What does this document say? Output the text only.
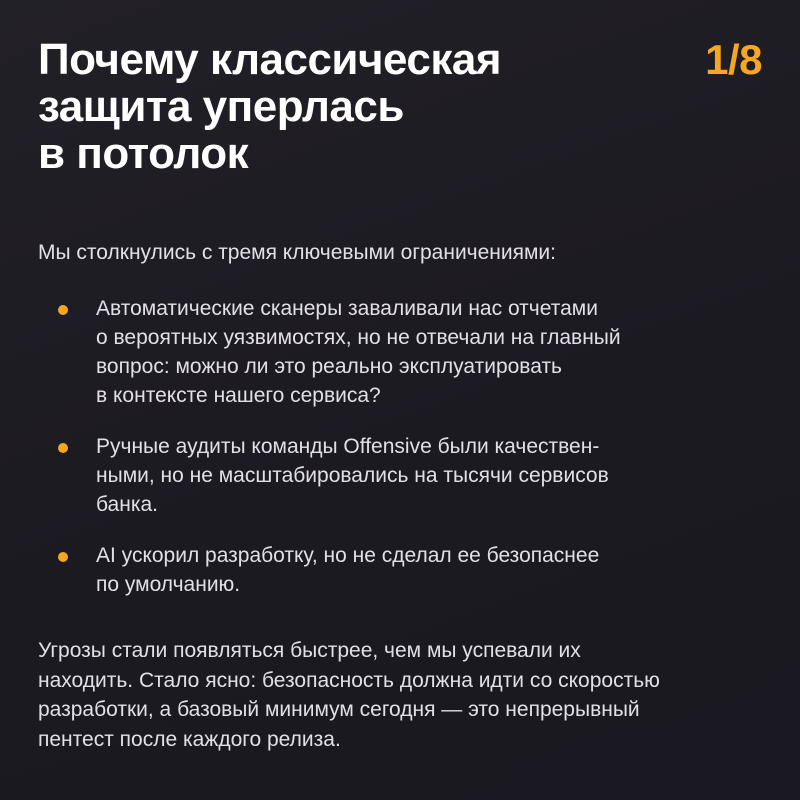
Почему классическая
защита уперлась
в потолок
1/8

Мы столкнулись с тремя ключевыми ограничениями:

Автоматические сканеры заваливали нас отчетами
о вероятных уязвимостях, но не отвечали на главный
вопрос: можно ли это реально эксплуатировать
в контексте нашего сервиса?
Ручные аудиты команды Offensive были качествен-
ными, но не масштабировались на тысячи сервисов
банка.
AI ускорил разработку, но не сделал ее безопаснее
по умолчанию.

Угрозы стали появляться быстрее, чем мы успевали их
находить. Стало ясно: безопасность должна идти со скоростью
разработки, а базовый минимум сегодня — это непрерывный
пентест после каждого релиза.
